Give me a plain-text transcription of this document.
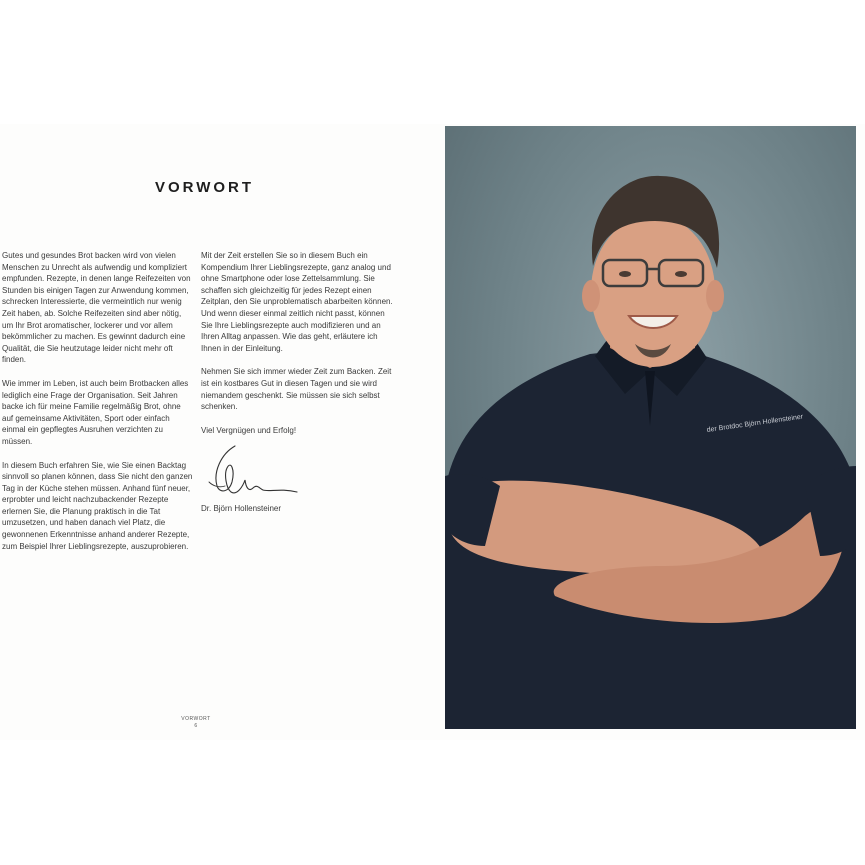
VORWORT

Gutes und gesundes Brot backen wird von vielen Menschen zu Unrecht als aufwendig und kompliziert empfunden. Rezepte, in denen lange Reifezeiten von Stunden bis einigen Tagen zur Anwendung kommen, schrecken Interessierte, die vermeintlich nur wenig Zeit haben, ab. Solche Reifezeiten sind aber nötig, um Ihr Brot aromatischer, lockerer und vor allem bekömmlicher zu machen. Es gewinnt dadurch eine Qualität, die Sie heutzutage leider nicht mehr oft finden.

Wie immer im Leben, ist auch beim Brotbacken alles lediglich eine Frage der Organisation. Seit Jahren backe ich für meine Familie regelmäßig Brot, ohne auf gemeinsame Aktivitäten, Sport oder einfach einmal ein gepflegtes Ausruhen verzichten zu müssen.

In diesem Buch erfahren Sie, wie Sie einen Backtag sinnvoll so planen können, dass Sie nicht den ganzen Tag in der Küche stehen müssen. Anhand fünf neuer, erprobter und leicht nachzubackender Rezepte erlernen Sie, die Planung praktisch in die Tat umzusetzen, und haben danach viel Platz, die gewonnenen Erkenntnisse anhand anderer Rezepte, zum Beispiel Ihrer Lieblingsrezepte, auszuprobieren.

Mit der Zeit erstellen Sie so in diesem Buch ein Kompendium Ihrer Lieblingsrezepte, ganz analog und ohne Smartphone oder lose Zettelsammlung. Sie schaffen sich gleichzeitig für jedes Rezept einen Zeitplan, den Sie unproblematisch abarbeiten können. Und wenn dieser einmal zeitlich nicht passt, können Sie Ihre Lieblingsrezepte auch modifizieren und an Ihren Alltag anpassen. Wie das geht, erläutere ich Ihnen in der Einleitung.

Nehmen Sie sich immer wieder Zeit zum Backen. Zeit ist ein kostbares Gut in diesen Tagen und sie wird niemandem geschenkt. Sie müssen sie sich selbst schenken.

Viel Vergnügen und Erfolg!

Dr. Björn Hollensteiner

VORWORT
6
der Brotdoc Björn Hollensteiner
